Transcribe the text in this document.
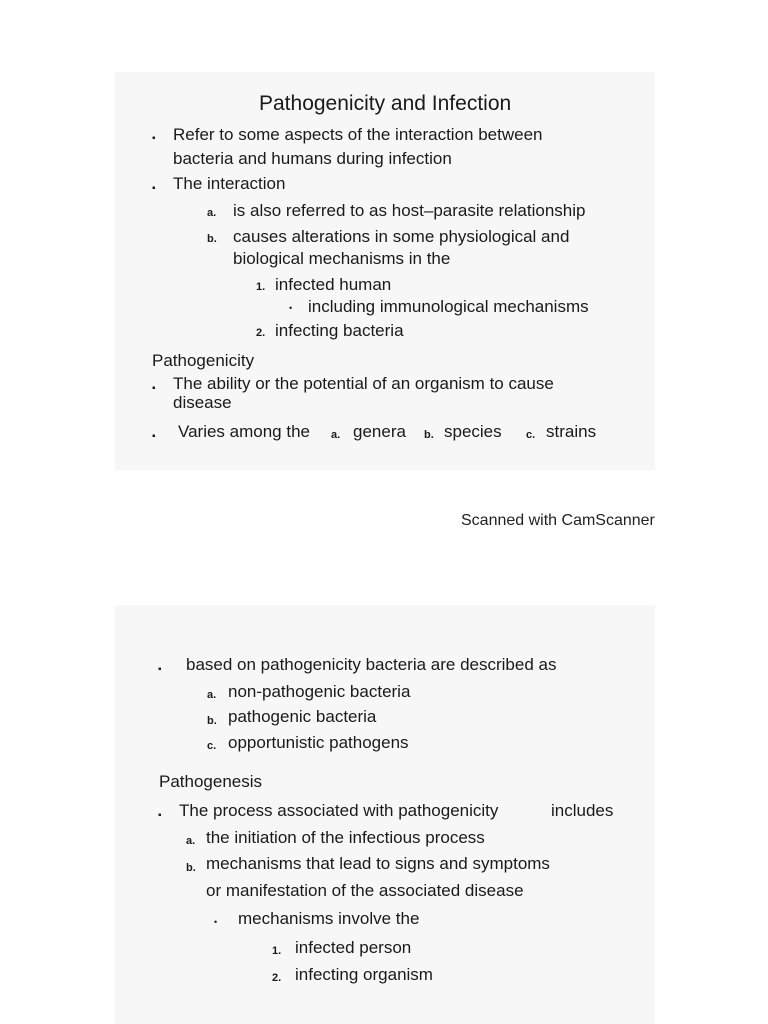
Pathogenicity and Infection
▪ Refer to some aspects of the interaction between
bacteria and humans during infection
▪ The interaction
a. is also referred to as host–parasite relationship
b. causes alterations in some physiological and
biological mechanisms in the
1. infected human
• including immunological mechanisms
2. infecting bacteria
Pathogenicity
▪ The ability or the potential of an organism to cause
disease
▪ Varies among the a. genera b. species c. strains
Scanned with CamScanner
▪ based on pathogenicity bacteria are described as
a. non-pathogenic bacteria
b. pathogenic bacteria
c. opportunistic pathogens
Pathogenesis
▪ The process associated with pathogenicity	includes
a. the initiation of the infectious process
b. mechanisms that lead to signs and symptoms
or manifestation of the associated disease
• mechanisms involve the
1. infected person
2. infecting organism
